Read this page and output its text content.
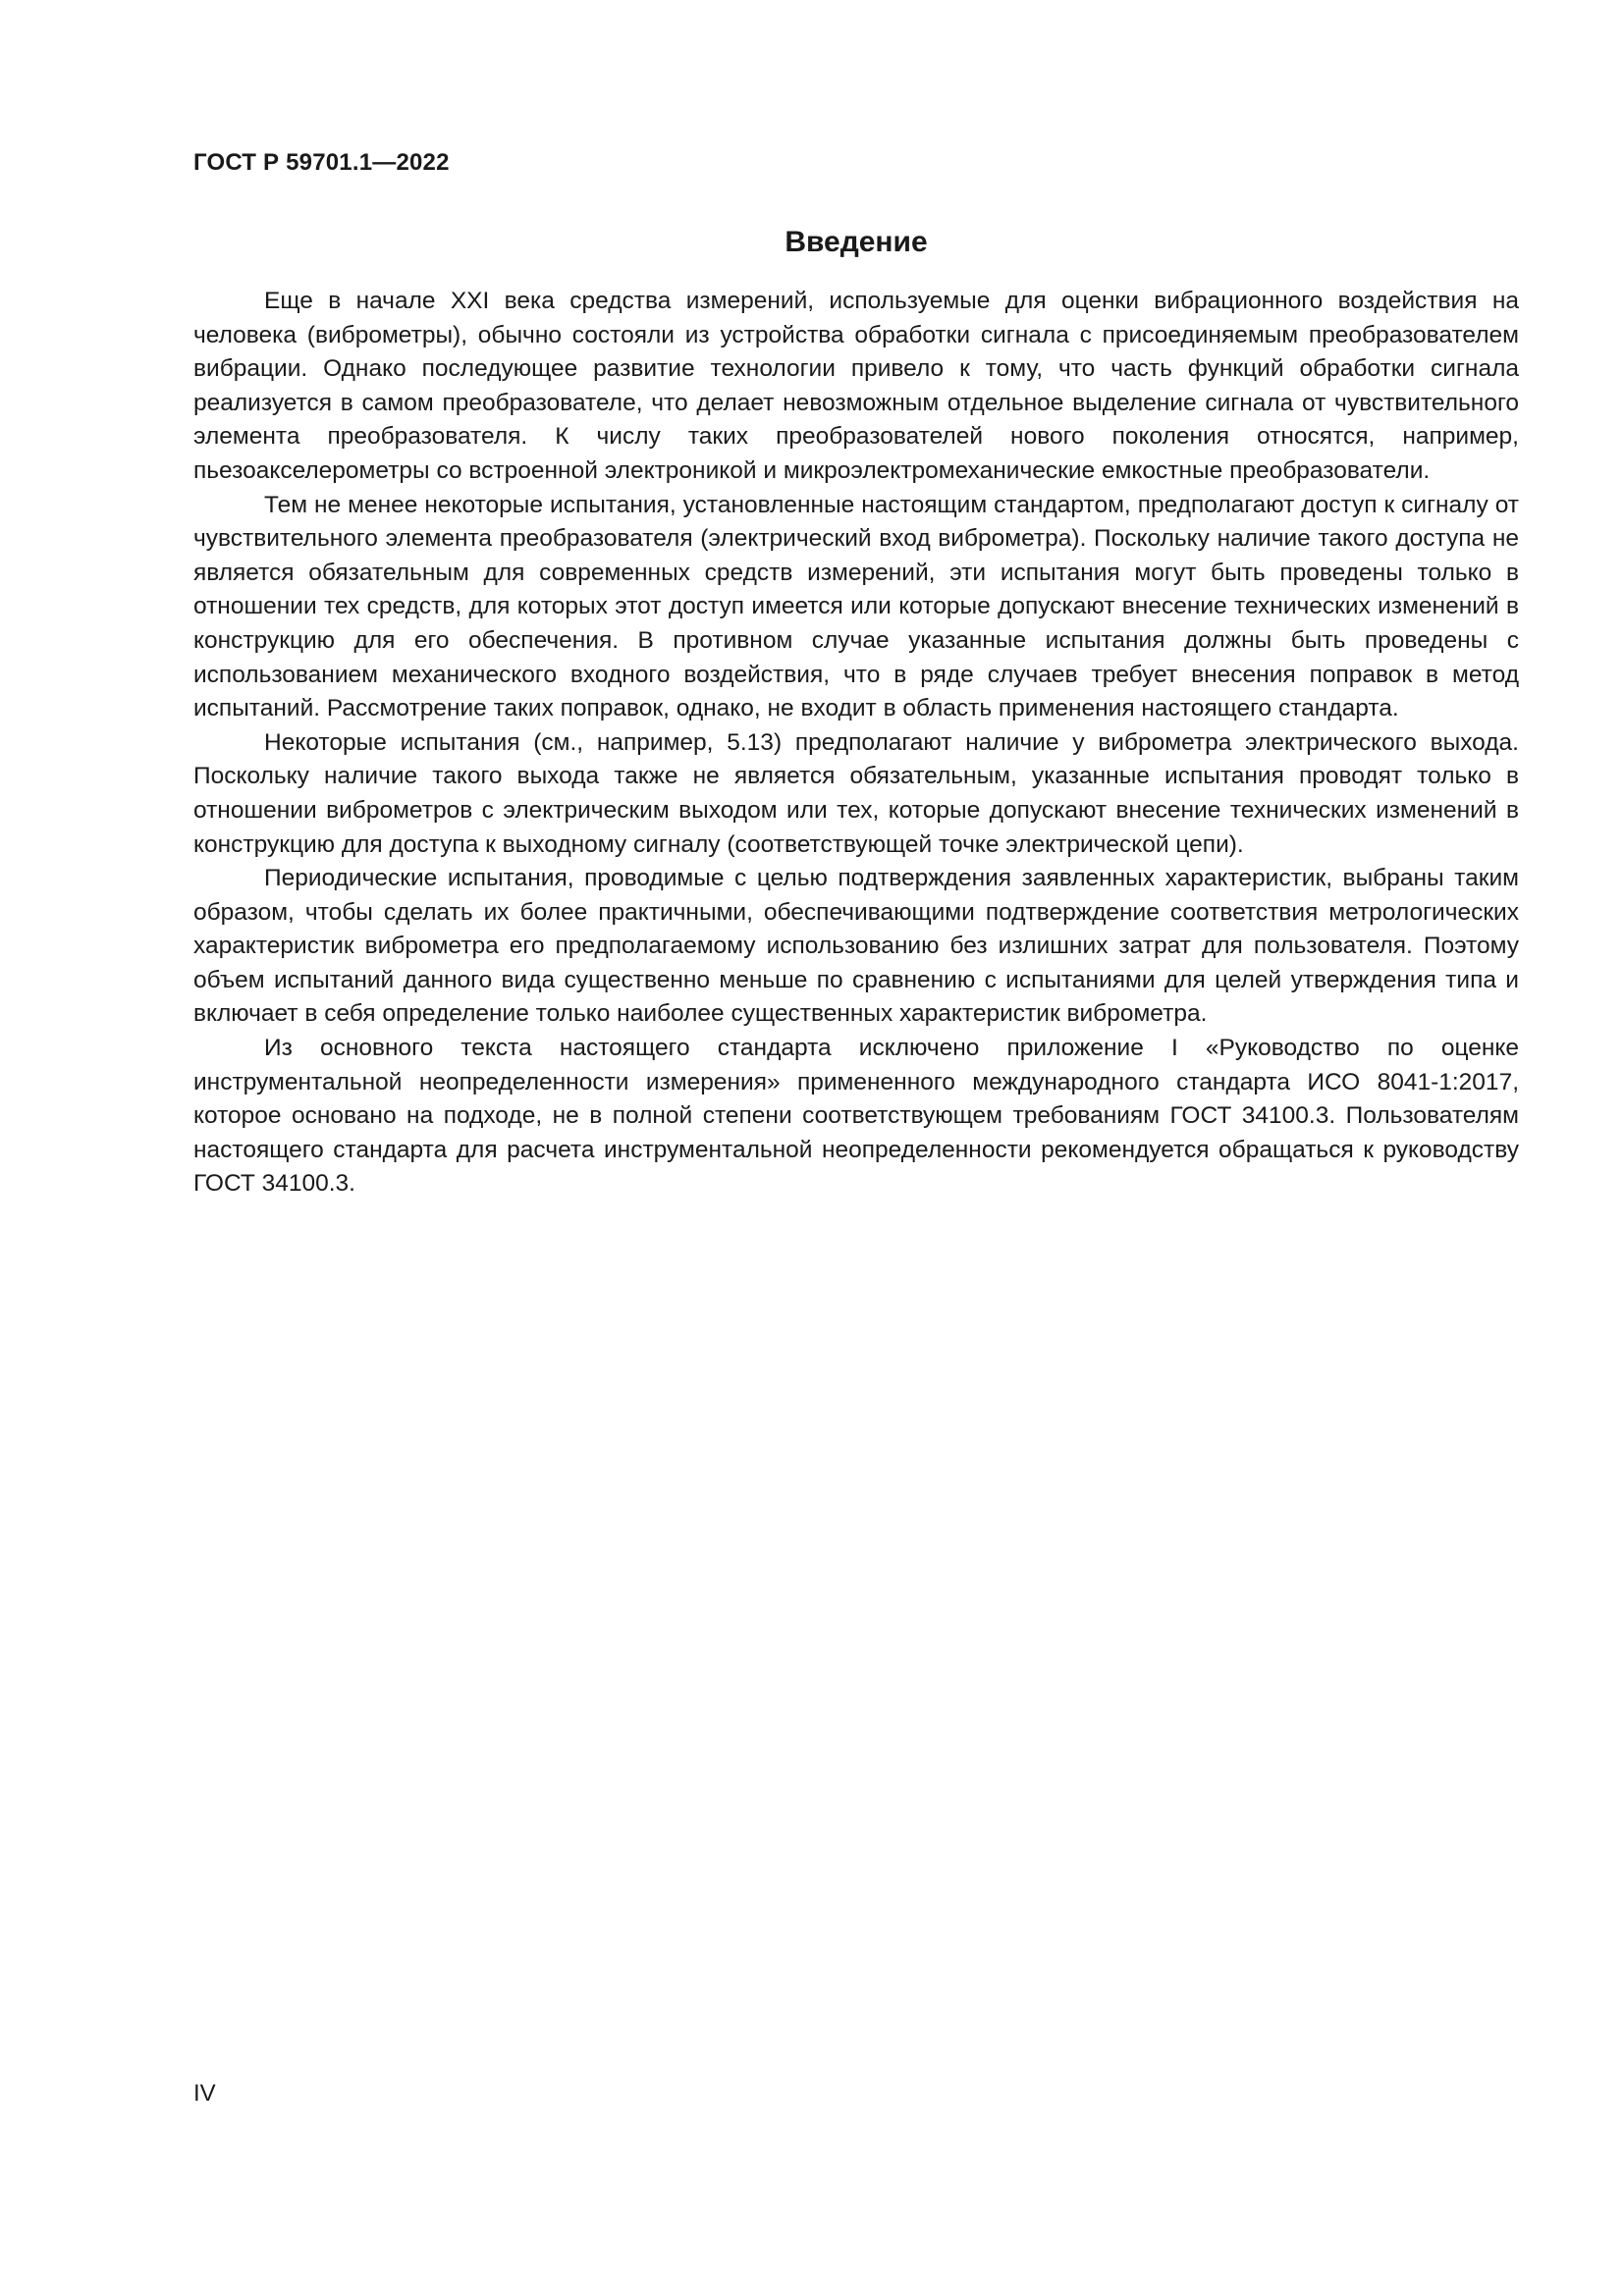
ГОСТ Р 59701.1—2022

Введение

Еще в начале XXI века средства измерений, используемые для оценки вибрационного воздействия на человека (виброметры), обычно состояли из устройства обработки сигнала с присоединяемым преобразователем вибрации. Однако последующее развитие технологии привело к тому, что часть функций обработки сигнала реализуется в самом преобразователе, что делает невозможным отдельное выделение сигнала от чувствительного элемента преобразователя. К числу таких преобразователей нового поколения относятся, например, пьезоакселерометры со встроенной электроникой и микроэлектромеханические емкостные преобразователи.

Тем не менее некоторые испытания, установленные настоящим стандартом, предполагают доступ к сигналу от чувствительного элемента преобразователя (электрический вход виброметра). Поскольку наличие такого доступа не является обязательным для современных средств измерений, эти испытания могут быть проведены только в отношении тех средств, для которых этот доступ имеется или которые допускают внесение технических изменений в конструкцию для его обеспечения. В противном случае указанные испытания должны быть проведены с использованием механического входного воздействия, что в ряде случаев требует внесения поправок в метод испытаний. Рассмотрение таких поправок, однако, не входит в область применения настоящего стандарта.

Некоторые испытания (см., например, 5.13) предполагают наличие у виброметра электрического выхода. Поскольку наличие такого выхода также не является обязательным, указанные испытания проводят только в отношении виброметров с электрическим выходом или тех, которые допускают внесение технических изменений в конструкцию для доступа к выходному сигналу (соответствующей точке электрической цепи).

Периодические испытания, проводимые с целью подтверждения заявленных характеристик, выбраны таким образом, чтобы сделать их более практичными, обеспечивающими подтверждение соответствия метрологических характеристик виброметра его предполагаемому использованию без излишних затрат для пользователя. Поэтому объем испытаний данного вида существенно меньше по сравнению с испытаниями для целей утверждения типа и включает в себя определение только наиболее существенных характеристик виброметра.

Из основного текста настоящего стандарта исключено приложение I «Руководство по оценке инструментальной неопределенности измерения» примененного международного стандарта ИСО 8041-1:2017, которое основано на подходе, не в полной степени соответствующем требованиям ГОСТ 34100.3. Пользователям настоящего стандарта для расчета инструментальной неопределенности рекомендуется обращаться к руководству ГОСТ 34100.3.

IV
